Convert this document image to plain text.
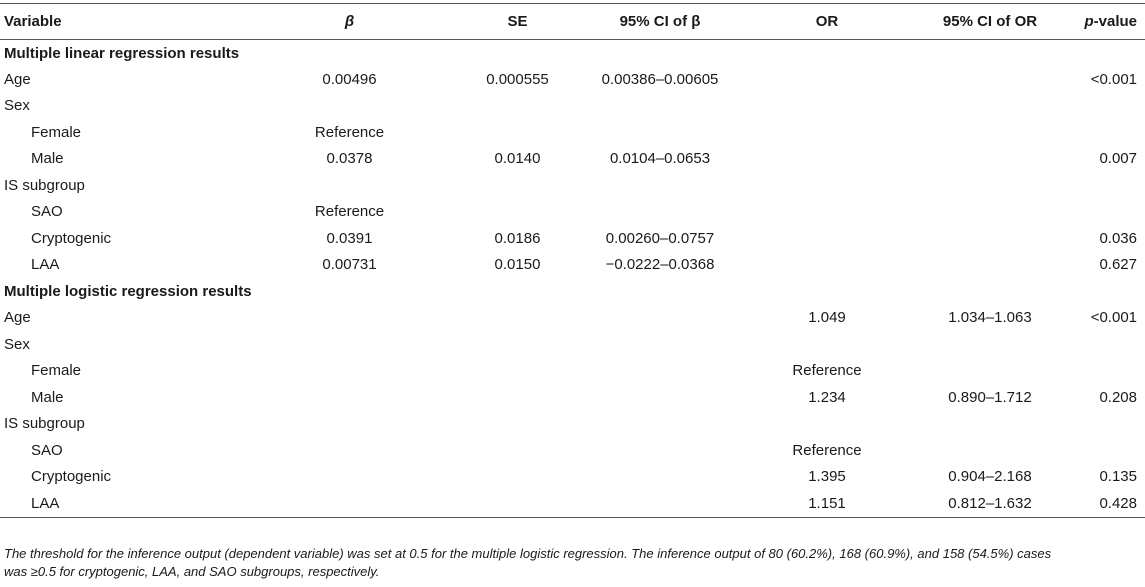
Variable	β	SE	95% CI of β	OR	95% CI of OR	p-value
Multiple linear regression results						
Age	0.00496	0.000555	0.00386–0.00605			<0.001
Sex						
Female	Reference					
Male	0.0378	0.0140	0.0104–0.0653			0.007
IS subgroup						
SAO	Reference					
Cryptogenic	0.0391	0.0186	0.00260–0.0757			0.036
LAA	0.00731	0.0150	−0.0222–0.0368			0.627
Multiple logistic regression results						
Age				1.049	1.034–1.063	<0.001
Sex						
Female				Reference		
Male				1.234	0.890–1.712	0.208
IS subgroup						
SAO				Reference		
Cryptogenic				1.395	0.904–2.168	0.135
LAA				1.151	0.812–1.632	0.428
The threshold for the inference output (dependent variable) was set at 0.5 for the multiple logistic regression. The inference output of 80 (60.2%), 168 (60.9%), and 158 (54.5%) cases
was ≥0.5 for cryptogenic, LAA, and SAO subgroups, respectively.
